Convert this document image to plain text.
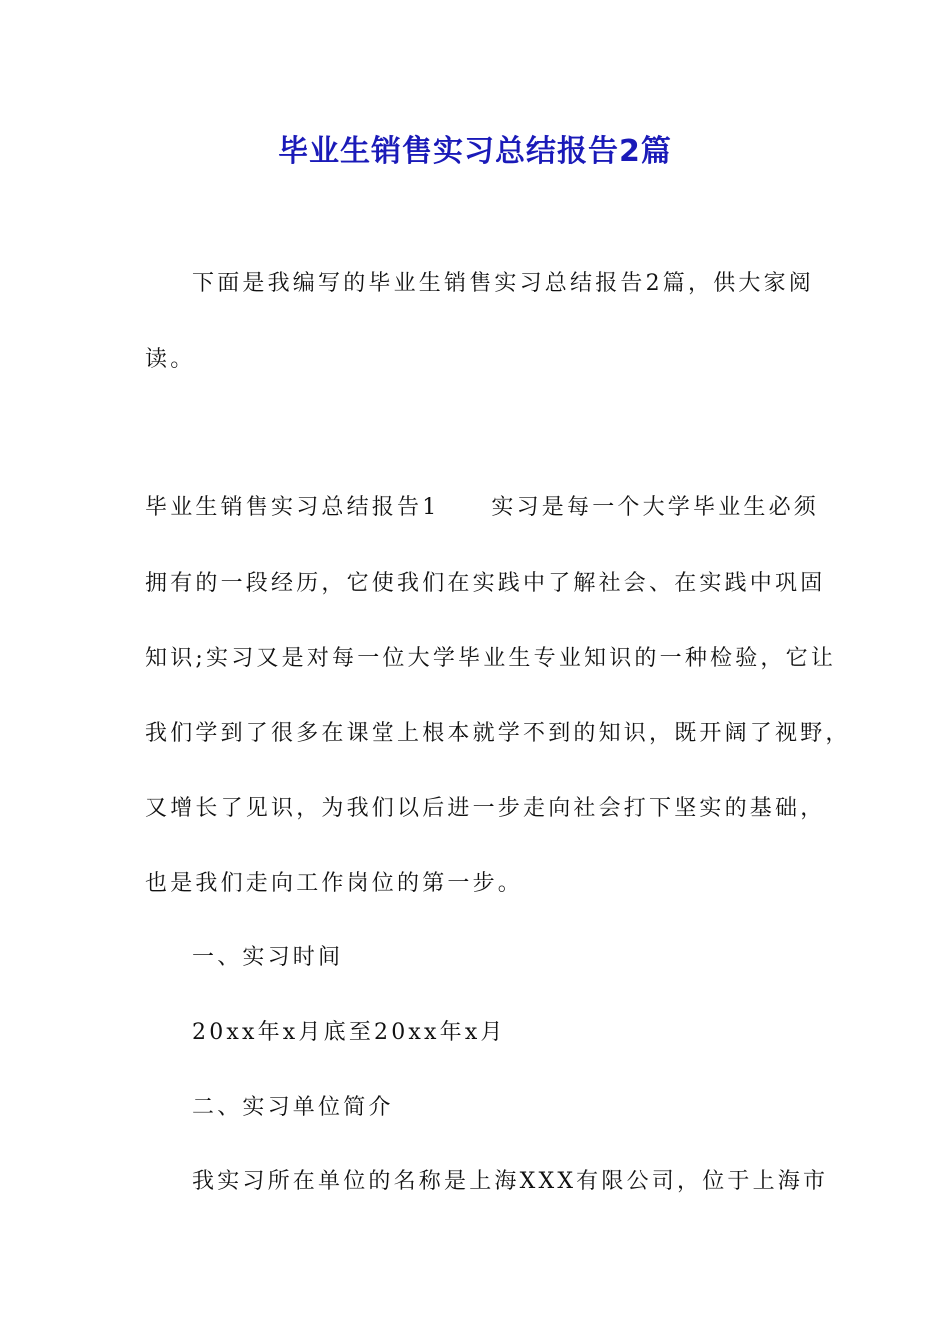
毕业生销售实习总结报告2篇

下面是我编写的毕业生销售实习总结报告2篇，供大家阅

读。

毕业生销售实习总结报告1 实习是每一个大学毕业生必须

拥有的一段经历，它使我们在实践中了解社会、在实践中巩固

知识;实习又是对每一位大学毕业生专业知识的一种检验，它让

我们学到了很多在课堂上根本就学不到的知识，既开阔了视野，

又增长了见识，为我们以后进一步走向社会打下坚实的基础，

也是我们走向工作岗位的第一步。

一、实习时间

20xx年x月底至20xx年x月

二、实习单位简介

我实习所在单位的名称是上海XXX有限公司，位于上海市
